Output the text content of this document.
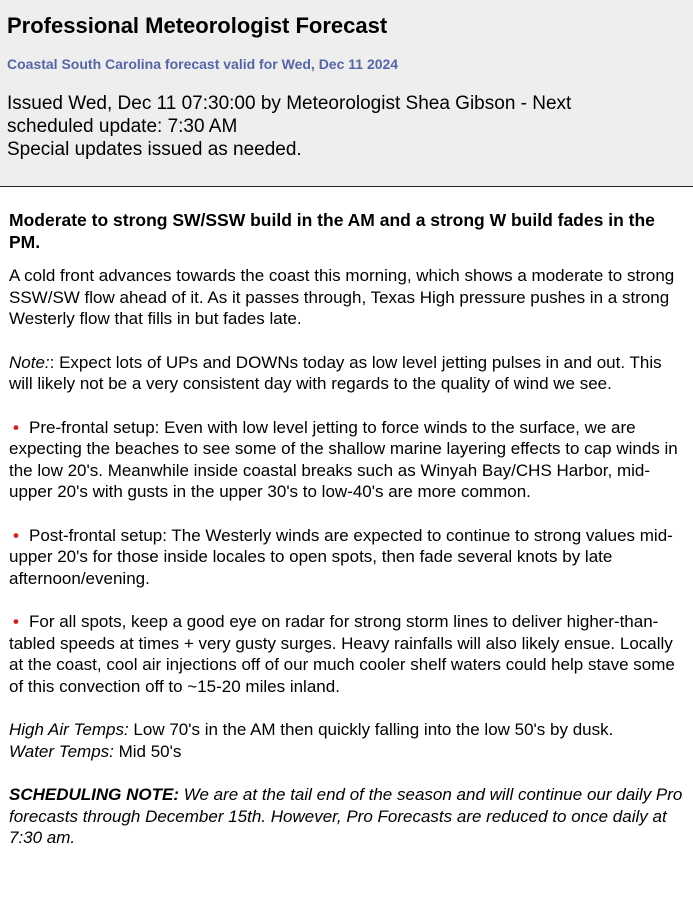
Professional Meteorologist Forecast
Coastal South Carolina forecast valid for Wed, Dec 11 2024
Issued Wed, Dec 11 07:30:00 by Meteorologist Shea Gibson - Next scheduled update: 7:30 AM
Special updates issued as needed.
Moderate to strong SW/SSW build in the AM and a strong W build fades in the PM.
A cold front advances towards the coast this morning, which shows a moderate to strong SSW/SW flow ahead of it. As it passes through, Texas High pressure pushes in a strong Westerly flow that fills in but fades late.
Note:: Expect lots of UPs and DOWNs today as low level jetting pulses in and out. This will likely not be a very consistent day with regards to the quality of wind we see.
• Pre-frontal setup: Even with low level jetting to force winds to the surface, we are expecting the beaches to see some of the shallow marine layering effects to cap winds in the low 20's. Meanwhile inside coastal breaks such as Winyah Bay/CHS Harbor, mid-upper 20's with gusts in the upper 30's to low-40's are more common.
• Post-frontal setup: The Westerly winds are expected to continue to strong values mid-upper 20's for those inside locales to open spots, then fade several knots by late afternoon/evening.
• For all spots, keep a good eye on radar for strong storm lines to deliver higher-than-tabled speeds at times + very gusty surges. Heavy rainfalls will also likely ensue. Locally at the coast, cool air injections off of our much cooler shelf waters could help stave some of this convection off to ~15-20 miles inland.
High Air Temps: Low 70's in the AM then quickly falling into the low 50's by dusk.
Water Temps: Mid 50's
SCHEDULING NOTE: We are at the tail end of the season and will continue our daily Pro forecasts through December 15th. However, Pro Forecasts are reduced to once daily at 7:30 am.
